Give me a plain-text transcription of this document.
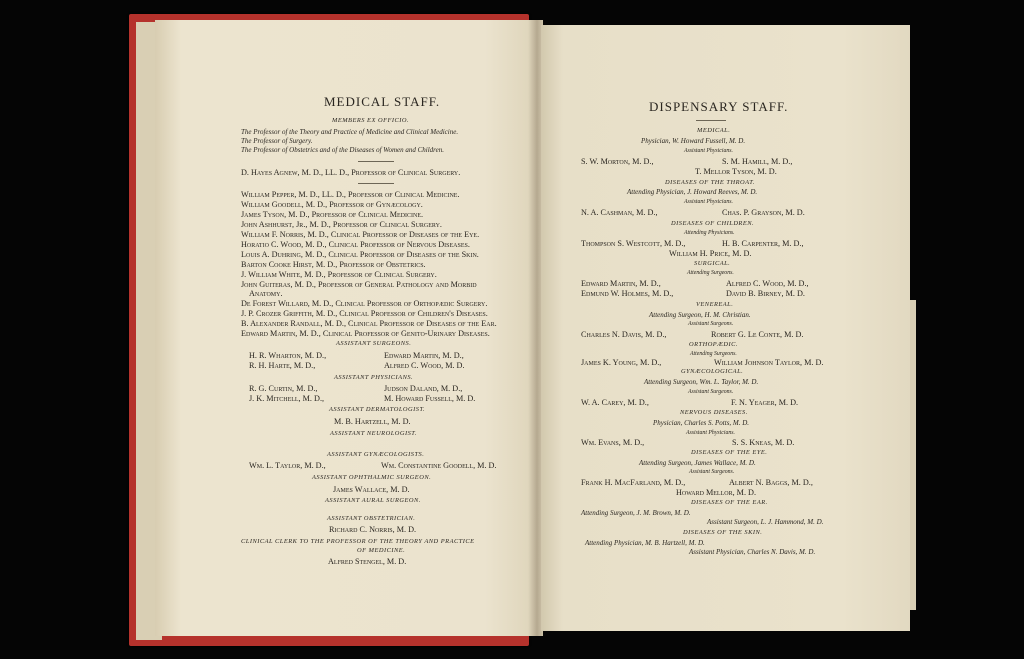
MEDICAL STAFF.
MEMBERS EX OFFICIO.
The Professor of the Theory and Practice of Medicine and Clinical Medicine.
The Professor of Surgery.
The Professor of Obstetrics and of the Diseases of Women and Children.
D. Hayes Agnew, M. D., LL. D., Professor of Clinical Surgery.
William Pepper, M. D., LL. D., Professor of Clinical Medicine.
William Goodell, M. D., Professor of Gynæcology.
James Tyson, M. D., Professor of Clinical Medicine.
John Ashhurst, Jr., M. D., Professor of Clinical Surgery.
William F. Norris, M. D., Clinical Professor of Diseases of the Eye.
Horatio C. Wood, M. D., Clinical Professor of Nervous Diseases.
Louis A. Duhring, M. D., Clinical Professor of Diseases of the Skin.
Barton Cooke Hirst, M. D., Professor of Obstetrics.
J. William White, M. D., Professor of Clinical Surgery.
John Guiteras, M. D., Professor of General Pathology and Morbid
Anatomy.
De Forest Willard, M. D., Clinical Professor of Orthopædic Surgery.
J. P. Crozer Griffith, M. D., Clinical Professor of Children's Diseases.
B. Alexander Randall, M. D., Clinical Professor of Diseases of the Ear.
Edward Martin, M. D., Clinical Professor of Genito-Urinary Diseases.
ASSISTANT SURGEONS.
H. R. Wharton, M. D.,	Edward Martin, M. D.,
R. H. Harte, M. D.,	Alfred C. Wood, M. D.
ASSISTANT PHYSICIANS.
R. G. Curtin, M. D.,	Judson Daland, M. D.,
J. K. Mitchell, M. D.,	M. Howard Fussell, M. D.
ASSISTANT DERMATOLOGIST.
M. B. Hartzell, M. D.
ASSISTANT NEUROLOGIST.
ASSISTANT GYNÆCOLOGISTS.
Wm. L. Taylor, M. D.,	Wm. Constantine Goodell, M. D.
ASSISTANT OPHTHALMIC SURGEON.
James Wallace, M. D.
ASSISTANT AURAL SURGEON.
ASSISTANT OBSTETRICIAN.
Richard C. Norris, M. D.
CLINICAL CLERK TO THE PROFESSOR OF THE THEORY AND PRACTICE
OF MEDICINE.
Alfred Stengel, M. D.
DISPENSARY STAFF.
MEDICAL.
Physician, W. Howard Fussell, M. D.
Assistant Physicians.
S. W. Morton, M. D.,	S. M. Hamill, M. D.,
T. Mellor Tyson, M. D.
DISEASES OF THE THROAT.
Attending Physician, J. Howard Reeves, M. D.
Assistant Physicians.
N. A. Cashman, M. D.,	Chas. P. Grayson, M. D.
DISEASES OF CHILDREN.
Attending Physicians.
Thompson S. Westcott, M. D.,	H. B. Carpenter, M. D.,
William H. Price, M. D.
SURGICAL.
Attending Surgeons.
Edward Martin, M. D.,	Alfred C. Wood, M. D.,
Edmund W. Holmes, M. D.,	David B. Birney, M. D.
VENEREAL.
Attending Surgeon, H. M. Christian.
Assistant Surgeons.
Charles N. Davis, M. D.,	Robert G. Le Conte, M. D.
ORTHOPÆDIC.
Attending Surgeons.
James K. Young, M. D.,	William Johnson Taylor, M. D.
GYNÆCOLOGICAL.
Attending Surgeon, Wm. L. Taylor, M. D.
Assistant Surgeons.
W. A. Carey, M. D.,	F. N. Yeager, M. D.
NERVOUS DISEASES.
Physician, Charles S. Potts, M. D.
Assistant Physicians.
Wm. Evans, M. D.,	S. S. Kneas, M. D.
DISEASES OF THE EYE.
Attending Surgeon, James Wallace, M. D.
Assistant Surgeons.
Frank H. MacFarland, M. D.,	Albert N. Baggs, M. D.,
Howard Mellor, M. D.
DISEASES OF THE EAR.
Attending Surgeon, J. M. Brown, M. D.
Assistant Surgeon, L. J. Hammond, M. D.
DISEASES OF THE SKIN.
Attending Physician, M. B. Hartzell, M. D.
Assistant Physician, Charles N. Davis, M. D.
